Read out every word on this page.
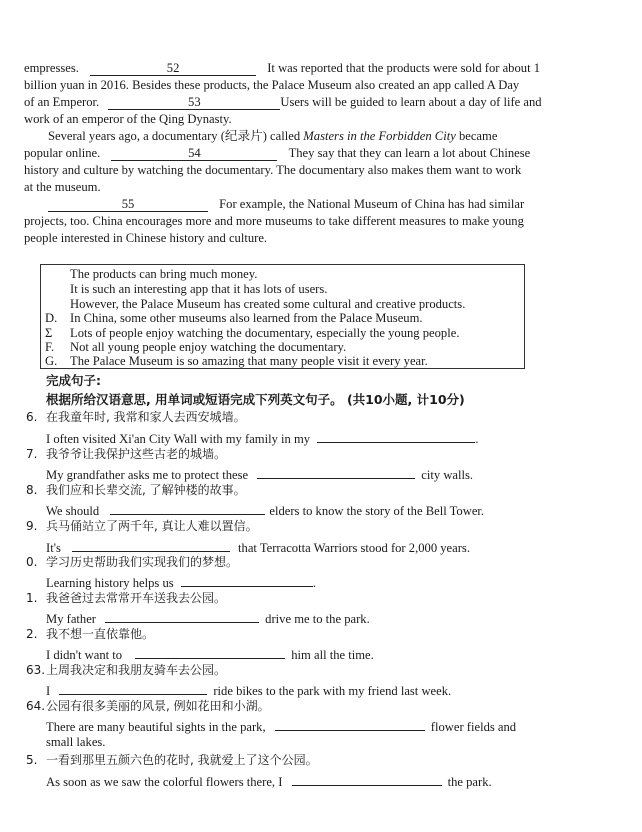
empresses.	52	It was reported that the products were sold for about 1
billion yuan in 2016. Besides these products, the Palace Museum also created an app called A Day
of an Emperor.	53	Users will be guided to learn about a day of life and
work of an emperor of the Qing Dynasty.
Several years ago, a documentary (纪录片) called Masters in the Forbidden City became
popular online.	54	They say that they can learn a lot about Chinese
history and culture by watching the documentary. The documentary also makes them want to work
at the museum.
55	For example, the National Museum of China has had similar
projects, too. China encourages more and more museums to take different measures to make young
people interested in Chinese history and culture.
The products can bring much money.
It is such an interesting app that it has lots of users.
However, the Palace Museum has created some cultural and creative products.
D. In China, some other museums also learned from the Palace Museum.
Σ Lots of people enjoy watching the documentary, especially the young people.
F. Not all young people enjoy watching the documentary.
G. The Palace Museum is so amazing that many people visit it every year.
完成句子:
根据所给汉语意思, 用单词或短语完成下列英文句子。 (共10小题, 计10分)
6. 在我童年时, 我常和家人去西安城墙。
I often visited Xi'an City Wall with my family in my	.
7. 我爷爷让我保护这些古老的城墙。
My grandfather asks me to protect these	city walls.
8. 我们应和长辈交流, 了解钟楼的故事。
We should	elders to know the story of the Bell Tower.
9. 兵马俑站立了两千年, 真让人难以置信。
It's	that Terracotta Warriors stood for 2,000 years.
0. 学习历史帮助我们实现我们的梦想。
Learning history helps us	.
1. 我爸爸过去常常开车送我去公园。
My father	drive me to the park.
2. 我不想一直依靠他。
I didn't want to	him all the time.
63.上周我决定和我朋友骑车去公园。
I	ride bikes to the park with my friend last week.
64.公园有很多美丽的风景, 例如花田和小湖。
There are many beautiful sights in the park,	flower fields and
small lakes.
5. 一看到那里五颜六色的花时, 我就爱上了这个公园。
As soon as we saw the colorful flowers there, I	the park.
